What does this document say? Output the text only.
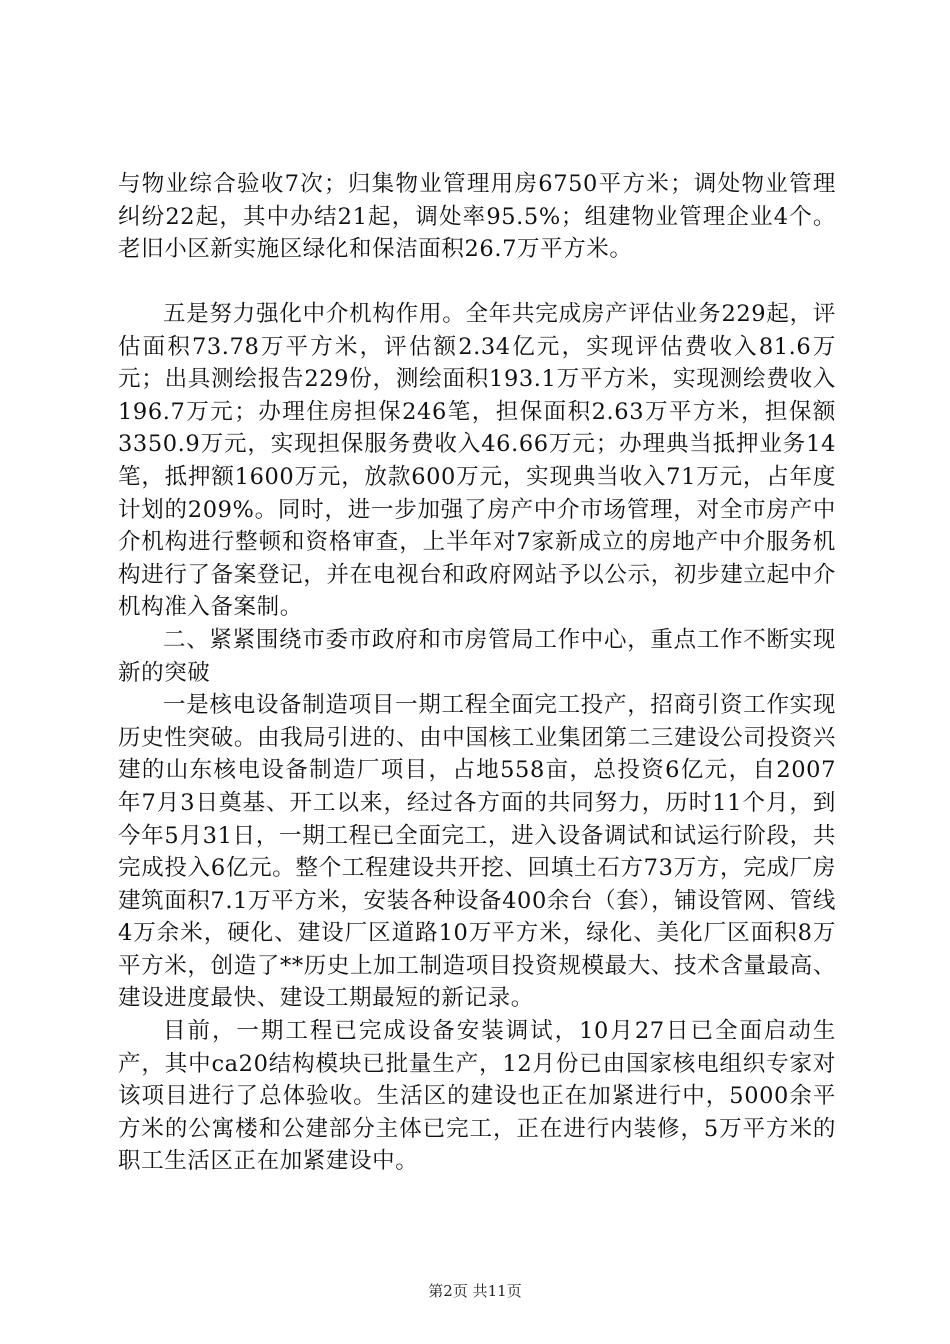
与物业综合验收7次；归集物业管理用房6750平方米；调处物业管理纠纷22起，其中办结21起，调处率95.5%；组建物业管理企业4个。老旧小区新实施区绿化和保洁面积26.7万平方米。

五是努力强化中介机构作用。全年共完成房产评估业务229起，评估面积73.78万平方米，评估额2.34亿元，实现评估费收入81.6万元；出具测绘报告229份，测绘面积193.1万平方米，实现测绘费收入196.7万元；办理住房担保246笔，担保面积2.63万平方米，担保额3350.9万元，实现担保服务费收入46.66万元；办理典当抵押业务14笔，抵押额1600万元，放款600万元，实现典当收入71万元，占年度计划的209%。同时，进一步加强了房产中介市场管理，对全市房产中介机构进行整顿和资格审查，上半年对7家新成立的房地产中介服务机构进行了备案登记，并在电视台和政府网站予以公示，初步建立起中介机构准入备案制。

二、紧紧围绕市委市政府和市房管局工作中心，重点工作不断实现新的突破

一是核电设备制造项目一期工程全面完工投产，招商引资工作实现历史性突破。由我局引进的、由中国核工业集团第二三建设公司投资兴建的山东核电设备制造厂项目，占地558亩，总投资6亿元，自2007年7月3日奠基、开工以来，经过各方面的共同努力，历时11个月，到今年5月31日，一期工程已全面完工，进入设备调试和试运行阶段，共完成投入6亿元。整个工程建设共开挖、回填土石方73万方，完成厂房建筑面积7.1万平方米，安装各种设备400余台（套），铺设管网、管线4万余米，硬化、建设厂区道路10万平方米，绿化、美化厂区面积8万平方米，创造了**历史上加工制造项目投资规模最大、技术含量最高、建设进度最快、建设工期最短的新记录。

目前，一期工程已完成设备安装调试，10月27日已全面启动生产，其中ca20结构模块已批量生产，12月份已由国家核电组织专家对该项目进行了总体验收。生活区的建设也正在加紧进行中，5000余平方米的公寓楼和公建部分主体已完工，正在进行内装修，5万平方米的职工生活区正在加紧建设中。

第2页 共11页
